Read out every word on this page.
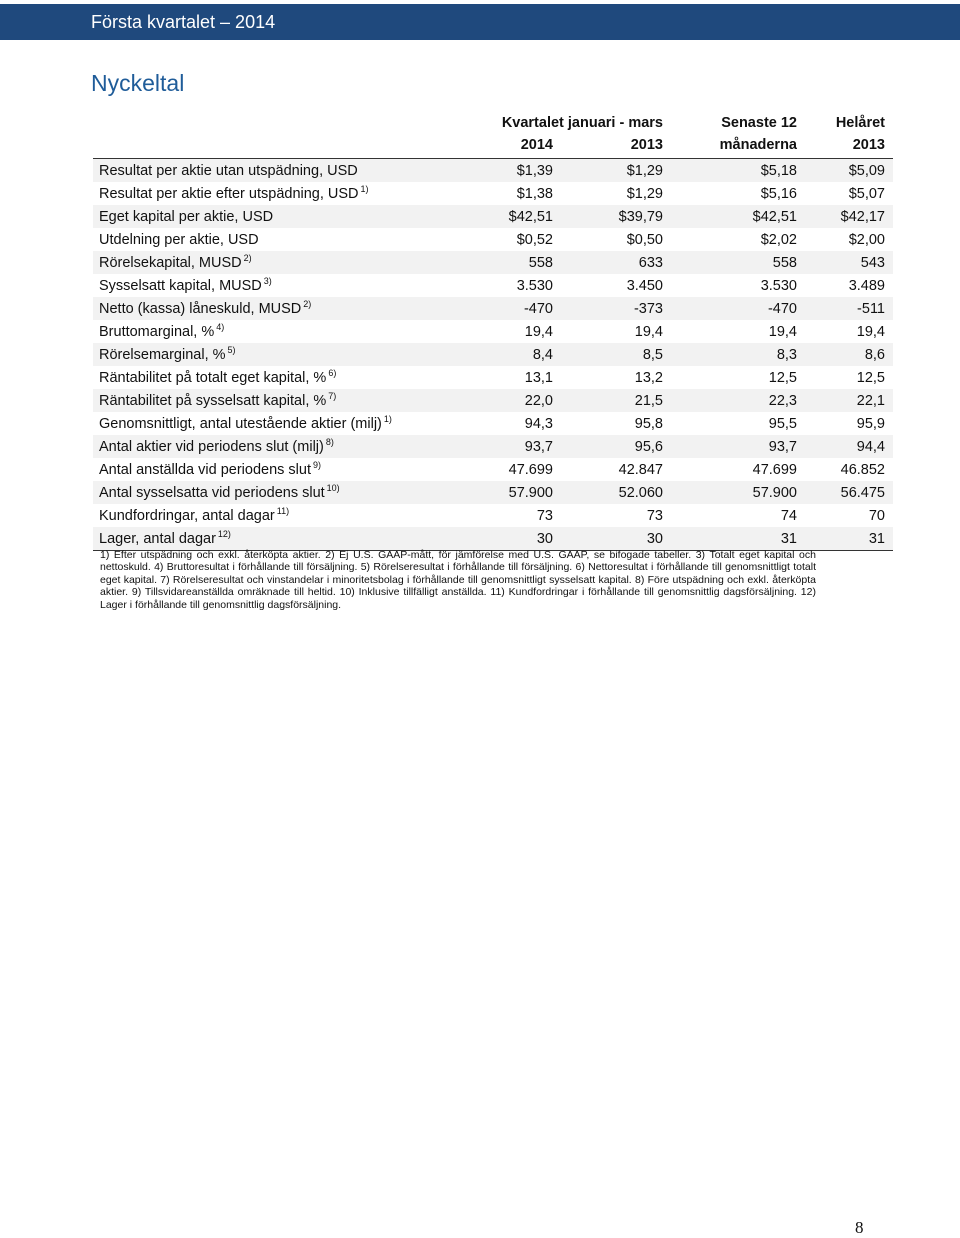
Första kvartalet – 2014
Nyckeltal
	Kvartalet januari - mars		Senaste 12	Helåret
	2014	2013	månaderna	2013
Resultat per aktie utan utspädning, USD	$1,39	$1,29	$5,18	$5,09
Resultat per aktie efter utspädning, USD $^{1)}$	$1,38	$1,29	$5,16	$5,07
Eget kapital per aktie, USD	$42,51	$39,79	$42,51	$42,17
Utdelning per aktie, USD	$0,52	$0,50	$2,02	$2,00
Rörelsekapital, MUSD $^{2)}$	558	633	558	543
Sysselsatt kapital, MUSD $^{3)}$	3.530	3.450	3.530	3.489
Netto (kassa) låneskuld, MUSD $^{2)}$	-470	-373	-470	-511
Bruttomarginal, % $^{4)}$	19,4	19,4	19,4	19,4
Rörelsemarginal, % $^{5)}$	8,4	8,5	8,3	8,6
Räntabilitet på totalt eget kapital, % $^{6)}$	13,1	13,2	12,5	12,5
Räntabilitet på sysselsatt kapital, % $^{7)}$	22,0	21,5	22,3	22,1
Genomsnittligt, antal utestående aktier (milj) $^{1)}$	94,3	95,8	95,5	95,9
Antal aktier vid periodens slut (milj) $^{8)}$	93,7	95,6	93,7	94,4
Antal anställda vid periodens slut $^{9)}$	47.699	42.847	47.699	46.852
Antal sysselsatta vid periodens slut $^{10)}$	57.900	52.060	57.900	56.475
Kundfordringar, antal dagar $^{11)}$	73	73	74	70
Lager, antal dagar $^{12)}$	30	30	31	31
1) Efter utspädning och exkl. återköpta aktier. 2) Ej U.S. GAAP-mått, för jämförelse med U.S. GAAP, se bifogade tabeller. 3) Totalt eget kapital och nettoskuld. 4) Bruttoresultat i förhållande till försäljning. 5) Rörelseresultat i förhållande till försäljning. 6) Nettoresultat i förhållande till genomsnittligt totalt eget kapital. 7) Rörelseresultat och vinstandelar i minoritetsbolag i förhållande till genomsnittligt sysselsatt kapital. 8) Före utspädning och exkl. återköpta aktier. 9) Tillsvidareanställda omräknade till heltid. 10) Inklusive tillfälligt anställda. 11) Kundfordringar i förhållande till genomsnittlig dagsförsäljning. 12) Lager i förhållande till genomsnittlig dagsförsäljning.
8
